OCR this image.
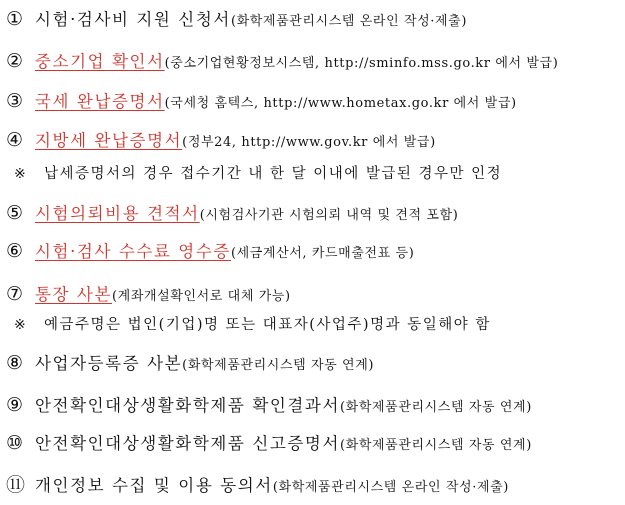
① 시험·검사비 지원 신청서 (화학제품관리시스템 온라인 작성·제출)
② 중소기업 확인서 (중소기업현황정보시스템, http://sminfo.mss.go.kr 에서 발급)
③ 국세 완납증명서 (국세청 홈텍스, http://www.hometax.go.kr 에서 발급)
④ 지방세 완납증명서 (정부24, http://www.gov.kr 에서 발급)
※	납세증명서의 경우 접수기간 내 한 달 이내에 발급된 경우만 인정
⑤ 시험의뢰비용 견적서 (시험검사기관 시험의뢰 내역 및 견적 포함)
⑥ 시험·검사 수수료 영수증 (세금계산서, 카드매출전표 등)
⑦ 통장 사본 (계좌개설확인서로 대체 가능)
※	예금주명은 법인(기업)명 또는 대표자(사업주)명과 동일해야 함
⑧ 사업자등록증 사본 (화학제품관리시스템 자동 연계)
⑨ 안전확인대상생활화학제품 확인결과서 (화학제품관리시스템 자동 연계)
⑩ 안전확인대상생활화학제품 신고증명서 (화학제품관리시스템 자동 연계)
⑪ 개인정보 수집 및 이용 동의서 (화학제품관리시스템 온라인 작성·제출)
